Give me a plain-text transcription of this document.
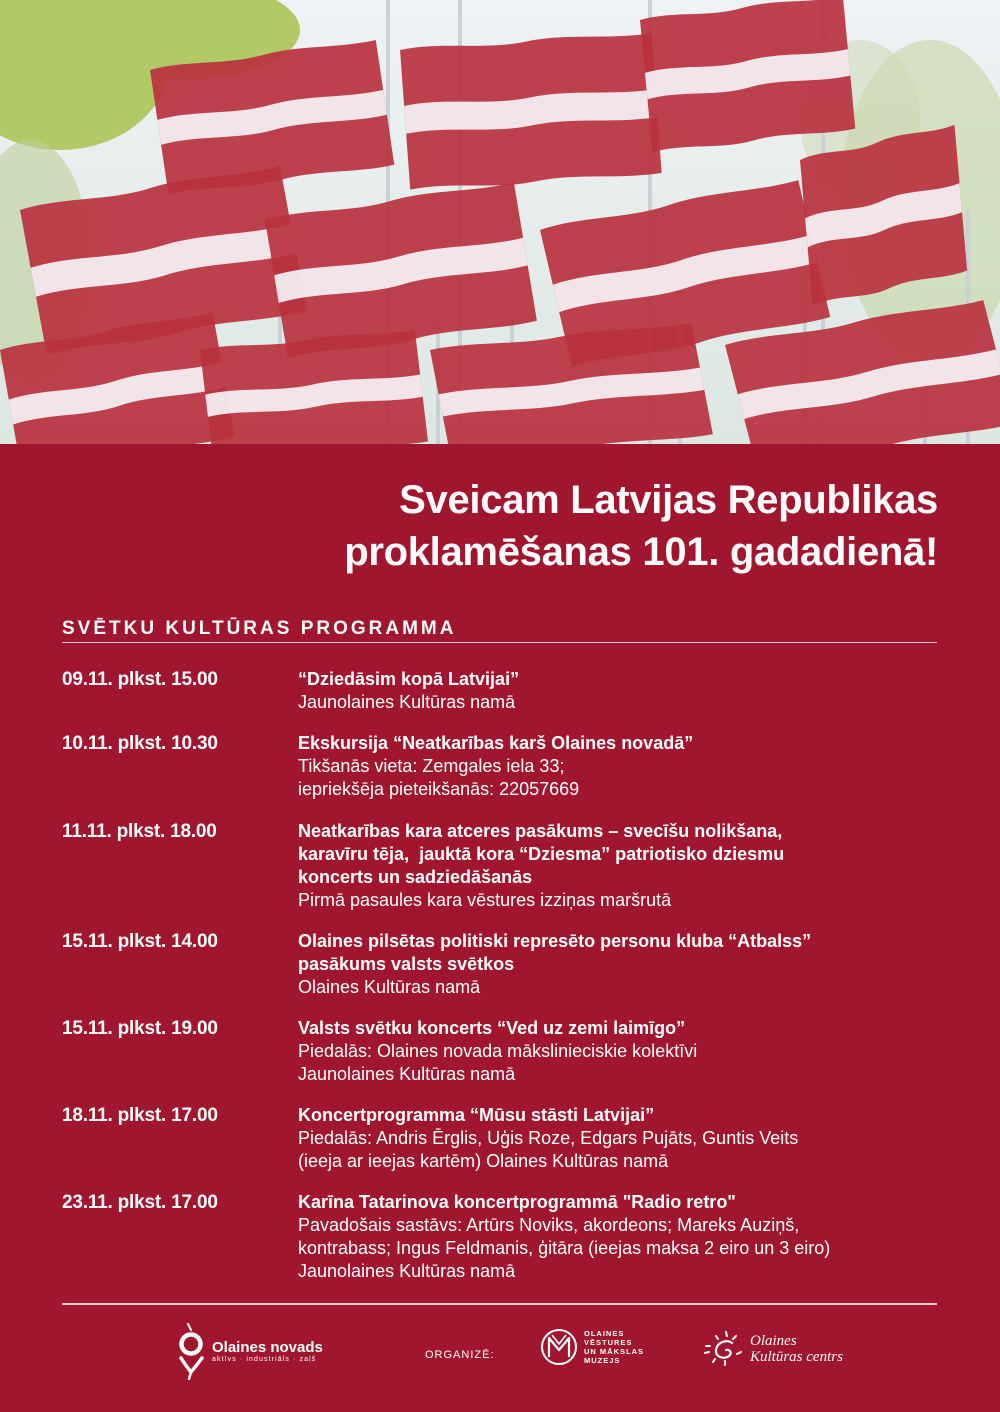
Sveicam Latvijas Republikas
proklamēšanas 101. gadadienā!
SVĒTKU KULTŪRAS PROGRAMMA
09.11. plkst. 15.00	“Dziedāsim kopā Latvijai”
Jaunolaines Kultūras namā
10.11. plkst. 10.30	Ekskursija “Neatkarības karš Olaines novadā”
Tikšanās vieta: Zemgales iela 33;
iepriekšēja pieteikšanās: 22057669
11.11. plkst. 18.00	Neatkarības kara atceres pasākums – svecīšu nolikšana,
karavīru tēja,  jauktā kora “Dziesma” patriotisko dziesmu
koncerts un sadziedāšanās
Pirmā pasaules kara vēstures izziņas maršrutā
15.11. plkst. 14.00	Olaines pilsētas politiski represēto personu kluba “Atbalss”
pasākums valsts svētkos
Olaines Kultūras namā
15.11. plkst. 19.00	Valsts svētku koncerts “Ved uz zemi laimīgo”
Piedalās: Olaines novada mākslinieciskie kolektīvi
Jaunolaines Kultūras namā
18.11. plkst. 17.00	Koncertprogramma “Mūsu stāsti Latvijai”
Piedalās: Andris Ērglis, Uģis Roze, Edgars Pujāts, Guntis Veits
(ieeja ar ieejas kartēm) Olaines Kultūras namā
23.11. plkst. 17.00	Karīna Tatarinova koncertprogrammā "Radio retro"
Pavadošais sastāvs: Artūrs Noviks, akordeons; Mareks Auziņš,
kontrabass; Ingus Feldmanis, ģitāra (ieejas maksa 2 eiro un 3 eiro)
Jaunolaines Kultūras namā
Olaines novads
aktīvs · industriāls · zaļš	ORGANIZĒ:
OLAINES
VĒSTURES
UN MĀKSLAS
MUZEJS
Olaines
Kultūras centrs
